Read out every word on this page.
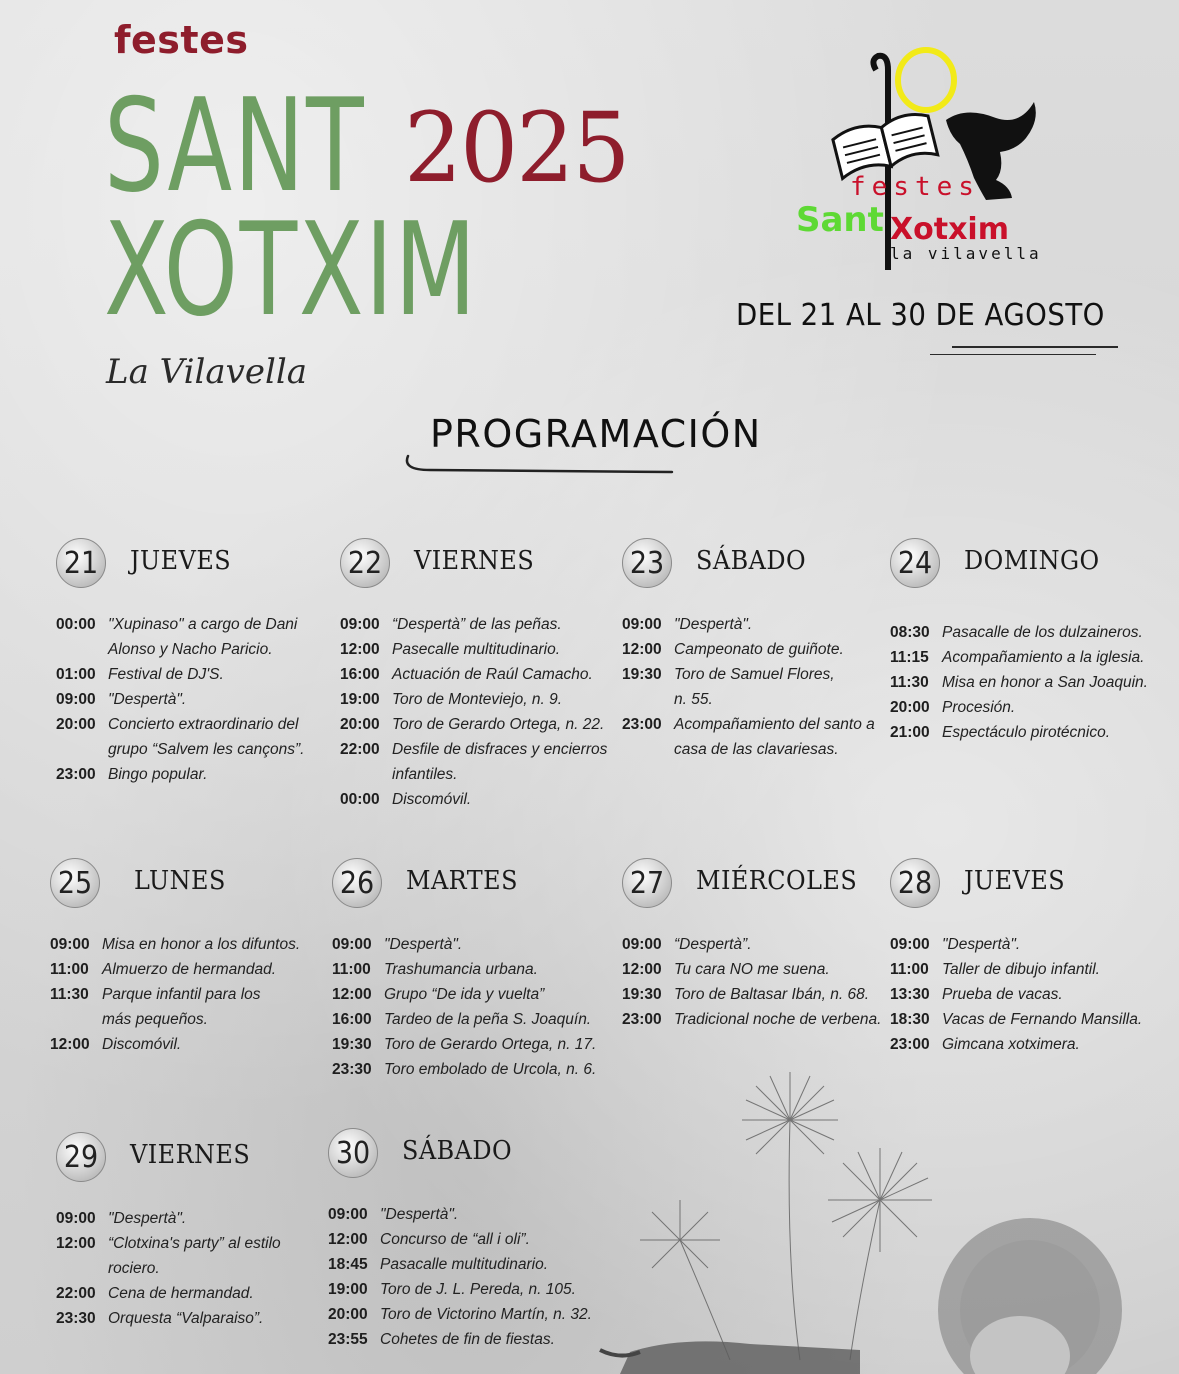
festes
SANT 2025
XOTXIM
La Vilavella
festes
Sant Xotxim
la vilavella
DEL 21 AL 30 DE AGOSTO
PROGRAMACIÓN
21	JUEVES
00:00 "Xupinaso" a cargo de Dani Alonso y Nacho Paricio.
01:00 Festival de DJ'S.
09:00 "Despertà".
20:00 Concierto extraordinario del grupo “Salvem les cançons”.
23:00 Bingo popular.
22	VIERNES
09:00 “Despertà” de las peñas.
12:00 Pasecalle multitudinario.
16:00 Actuación de Raúl Camacho.
19:00 Toro de Monteviejo, n. 9.
20:00 Toro de Gerardo Ortega, n. 22.
22:00 Desfile de disfraces y encierros infantiles.
00:00 Discomóvil.
23	SÁBADO
09:00 "Despertà".
12:00 Campeonato de guiñote.
19:30 Toro de Samuel Flores, n. 55.
23:00 Acompañamiento del santo a casa de las clavariesas.
24	DOMINGO
08:30 Pasacalle de los dulzaineros.
11:15 Acompañamiento a la iglesia.
11:30 Misa en honor a San Joaquin.
20:00 Procesión.
21:00 Espectáculo pirotécnico.
25	LUNES
09:00 Misa en honor a los difuntos.
11:00 Almuerzo de hermandad.
11:30 Parque infantil para los más pequeños.
12:00 Discomóvil.
26	MARTES
09:00 "Despertà".
11:00 Trashumancia urbana.
12:00 Grupo “De ida y vuelta”
16:00 Tardeo de la peña S. Joaquín.
19:30 Toro de Gerardo Ortega, n. 17.
23:30 Toro embolado de Urcola, n. 6.
27	MIÉRCOLES
09:00 “Despertà”.
12:00 Tu cara NO me suena.
19:30 Toro de Baltasar Ibán, n. 68.
23:00 Tradicional noche de verbena.
28	JUEVES
09:00 "Despertà".
11:00 Taller de dibujo infantil.
13:30 Prueba de vacas.
18:30 Vacas de Fernando Mansilla.
23:00 Gimcana xotximera.
29	VIERNES
09:00 "Despertà".
12:00 “Clotxina's party” al estilo rociero.
22:00 Cena de hermandad.
23:30 Orquesta “Valparaiso”.
30	SÁBADO
09:00 "Despertà".
12:00 Concurso de “all i oli”.
18:45 Pasacalle multitudinario.
19:00 Toro de J. L. Pereda, n. 105.
20:00 Toro de Victorino Martín, n. 32.
23:55 Cohetes de fin de fiestas.
